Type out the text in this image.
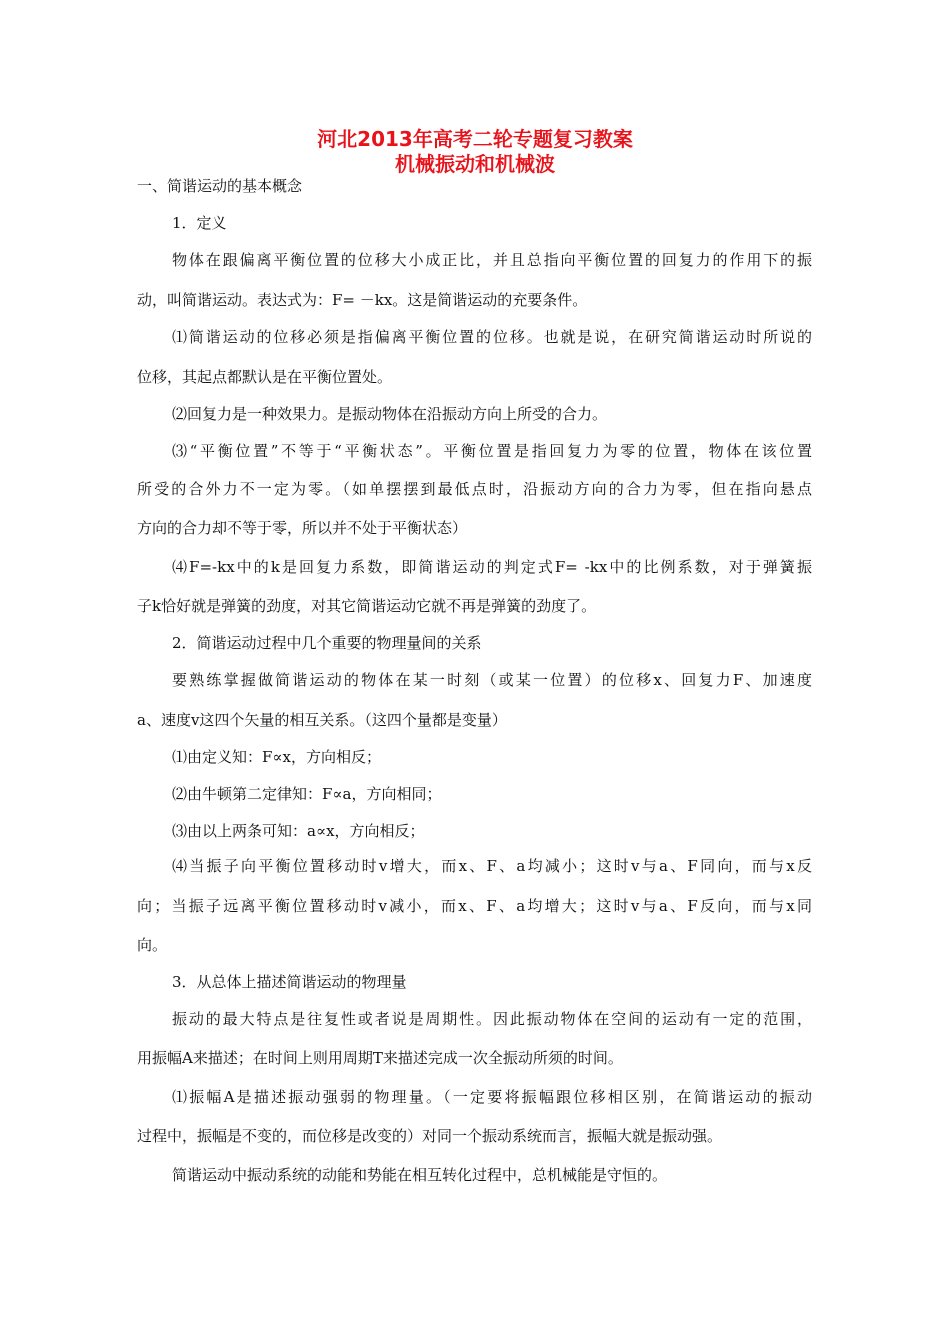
河北2013年高考二轮专题复习教案
机械振动和机械波
一、简谐运动的基本概念
1．定义
物体在跟偏离平衡位置的位移大小成正比，并且总指向平衡位置的回复力的作用下的振
动，叫简谐运动。表达式为：F= －kx。这是简谐运动的充要条件。
⑴简谐运动的位移必须是指偏离平衡位置的位移。也就是说，在研究简谐运动时所说的
位移，其起点都默认是在平衡位置处。
⑵回复力是一种效果力。是振动物体在沿振动方向上所受的合力。
⑶“平衡位置”不等于“平衡状态”。平衡位置是指回复力为零的位置，物体在该位置
所受的合外力不一定为零。（如单摆摆到最低点时，沿振动方向的合力为零，但在指向悬点
方向的合力却不等于零，所以并不处于平衡状态）
⑷F=-kx中的k是回复力系数，即简谐运动的判定式F= -kx中的比例系数，对于弹簧振
子k恰好就是弹簧的劲度，对其它简谐运动它就不再是弹簧的劲度了。
2．简谐运动过程中几个重要的物理量间的关系
要熟练掌握做简谐运动的物体在某一时刻（或某一位置）的位移x、回复力F、加速度
a、速度v这四个矢量的相互关系。（这四个量都是变量）
⑴由定义知：F∝x，方向相反；
⑵由牛顿第二定律知：F∝a，方向相同；
⑶由以上两条可知：a∝x，方向相反；
⑷当振子向平衡位置移动时v增大，而x、F、a均减小；这时v与a、F同向，而与x反
向；当振子远离平衡位置移动时v减小，而x、F、a均增大；这时v与a、F反向，而与x同
向。
3．从总体上描述简谐运动的物理量
振动的最大特点是往复性或者说是周期性。因此振动物体在空间的运动有一定的范围，
用振幅A来描述；在时间上则用周期T来描述完成一次全振动所须的时间。
⑴振幅A是描述振动强弱的物理量。（一定要将振幅跟位移相区别，在简谐运动的振动
过程中，振幅是不变的，而位移是改变的）对同一个振动系统而言，振幅大就是振动强。
简谐运动中振动系统的动能和势能在相互转化过程中，总机械能是守恒的。
